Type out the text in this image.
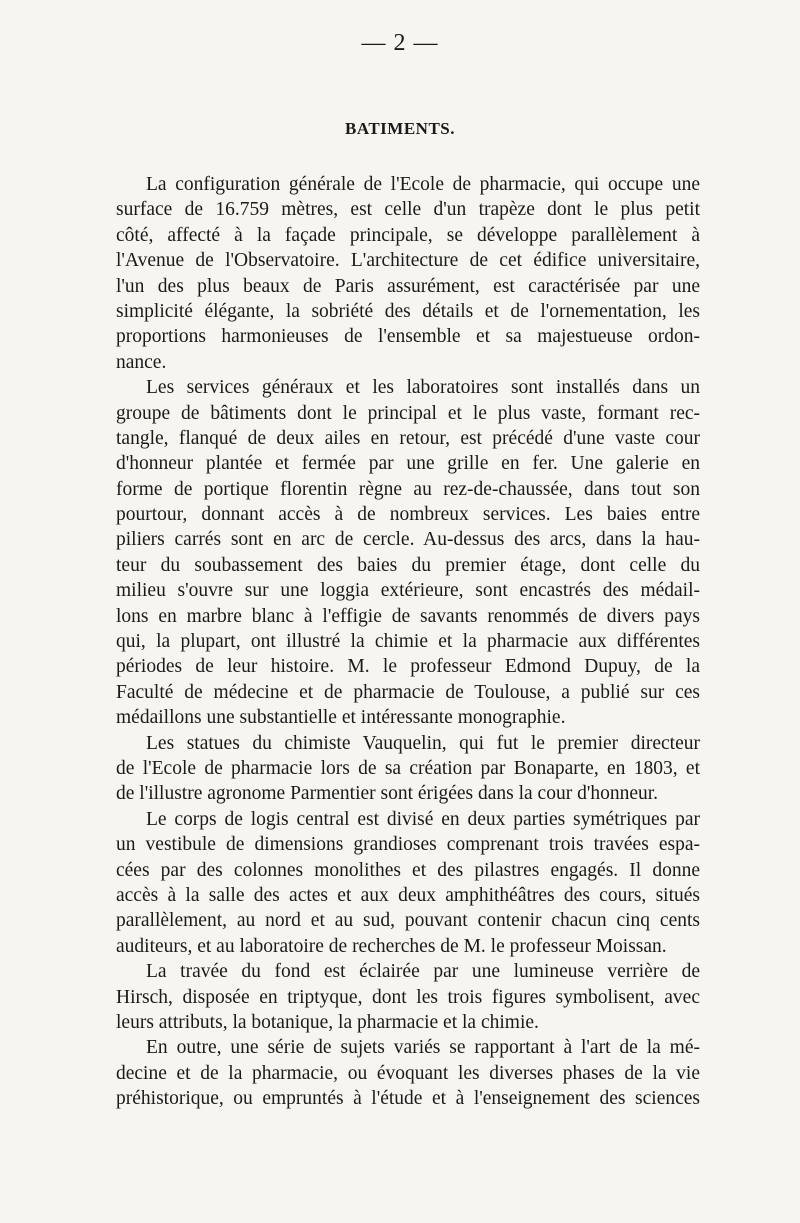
— 2 —
BATIMENTS.
La configuration générale de l'Ecole de pharmacie, qui occupe une
surface de 16.759 mètres, est celle d'un trapèze dont le plus petit
côté, affecté à la façade principale, se développe parallèlement à
l'Avenue de l'Observatoire. L'architecture de cet édifice universitaire,
l'un des plus beaux de Paris assurément, est caractérisée par une
simplicité élégante, la sobriété des détails et de l'ornementation, les
proportions harmonieuses de l'ensemble et sa majestueuse ordon-
nance.
Les services généraux et les laboratoires sont installés dans un
groupe de bâtiments dont le principal et le plus vaste, formant rec-
tangle, flanqué de deux ailes en retour, est précédé d'une vaste cour
d'honneur plantée et fermée par une grille en fer. Une galerie en
forme de portique florentin règne au rez-de-chaussée, dans tout son
pourtour, donnant accès à de nombreux services. Les baies entre
piliers carrés sont en arc de cercle. Au-dessus des arcs, dans la hau-
teur du soubassement des baies du premier étage, dont celle du
milieu s'ouvre sur une loggia extérieure, sont encastrés des médail-
lons en marbre blanc à l'effigie de savants renommés de divers pays
qui, la plupart, ont illustré la chimie et la pharmacie aux différentes
périodes de leur histoire. M. le professeur Edmond Dupuy, de la
Faculté de médecine et de pharmacie de Toulouse, a publié sur ces
médaillons une substantielle et intéressante monographie.
Les statues du chimiste Vauquelin, qui fut le premier directeur
de l'Ecole de pharmacie lors de sa création par Bonaparte, en 1803, et
de l'illustre agronome Parmentier sont érigées dans la cour d'honneur.
Le corps de logis central est divisé en deux parties symétriques par
un vestibule de dimensions grandioses comprenant trois travées espa-
cées par des colonnes monolithes et des pilastres engagés. Il donne
accès à la salle des actes et aux deux amphithéâtres des cours, situés
parallèlement, au nord et au sud, pouvant contenir chacun cinq cents
auditeurs, et au laboratoire de recherches de M. le professeur Moissan.
La travée du fond est éclairée par une lumineuse verrière de
Hirsch, disposée en triptyque, dont les trois figures symbolisent, avec
leurs attributs, la botanique, la pharmacie et la chimie.
En outre, une série de sujets variés se rapportant à l'art de la mé-
decine et de la pharmacie, ou évoquant les diverses phases de la vie
préhistorique, ou empruntés à l'étude et à l'enseignement des sciences
